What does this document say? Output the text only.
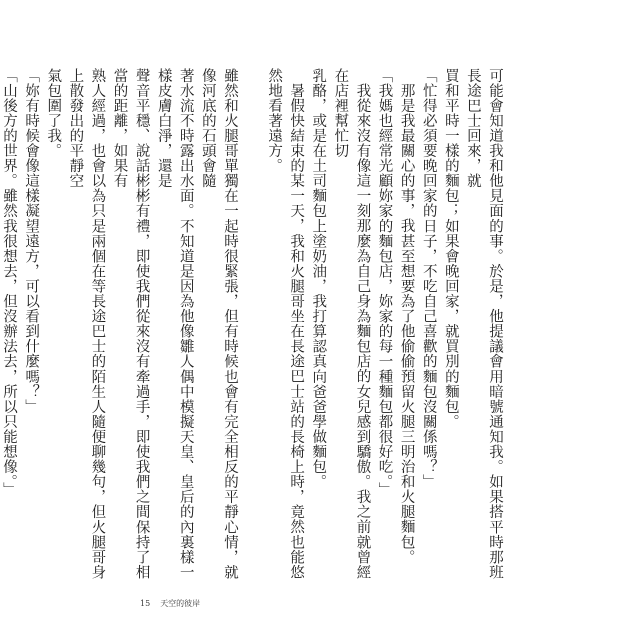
可能會知道我和他見面的事。於是，他提議會用暗號通知我。如果搭平時那班長途巴士回來，就

買和平時一樣的麵包；如果會晚回家，就買別的麵包。

「忙得必須要晚回家的日子，不吃自己喜歡的麵包沒關係嗎？」

那是我最關心的事，我甚至想要為了他偷偷預留火腿三明治和火腿麵包。

「我媽也經常光顧妳家的麵包店，妳家的每一種麵包都很好吃。」

我從來沒有像這一刻那麼為自己身為麵包店的女兒感到驕傲。我之前就曾經在店裡幫忙切

乳酪，或是在土司麵包上塗奶油，我打算認真向爸爸學做麵包。

暑假快結束的某一天，我和火腿哥坐在長途巴士站的長椅上時，竟然也能悠然地看著遠方。

雖然和火腿哥單獨在一起時很緊張，但有時候也會有完全相反的平靜心情，就像河底的石頭會隨

著水流不時露出水面。不知道是因為他像雛人偶中模擬天皇、皇后的內裏樣一樣皮膚白淨，還是

聲音平穩、說話彬彬有禮，即使我們從來沒有牽過手，即使我們之間保持了相當的距離，如果有

熟人經過，也會以為只是兩個在等長途巴士的陌生人隨便聊幾句，但火腿哥身上散發出的平靜空

氣包圍了我。

「妳有時候會像這樣凝望遠方，可以看到什麼嗎？」

「山後方的世界。雖然我很想去，但沒辦法去，所以只能想像。」

15 天空的彼岸
